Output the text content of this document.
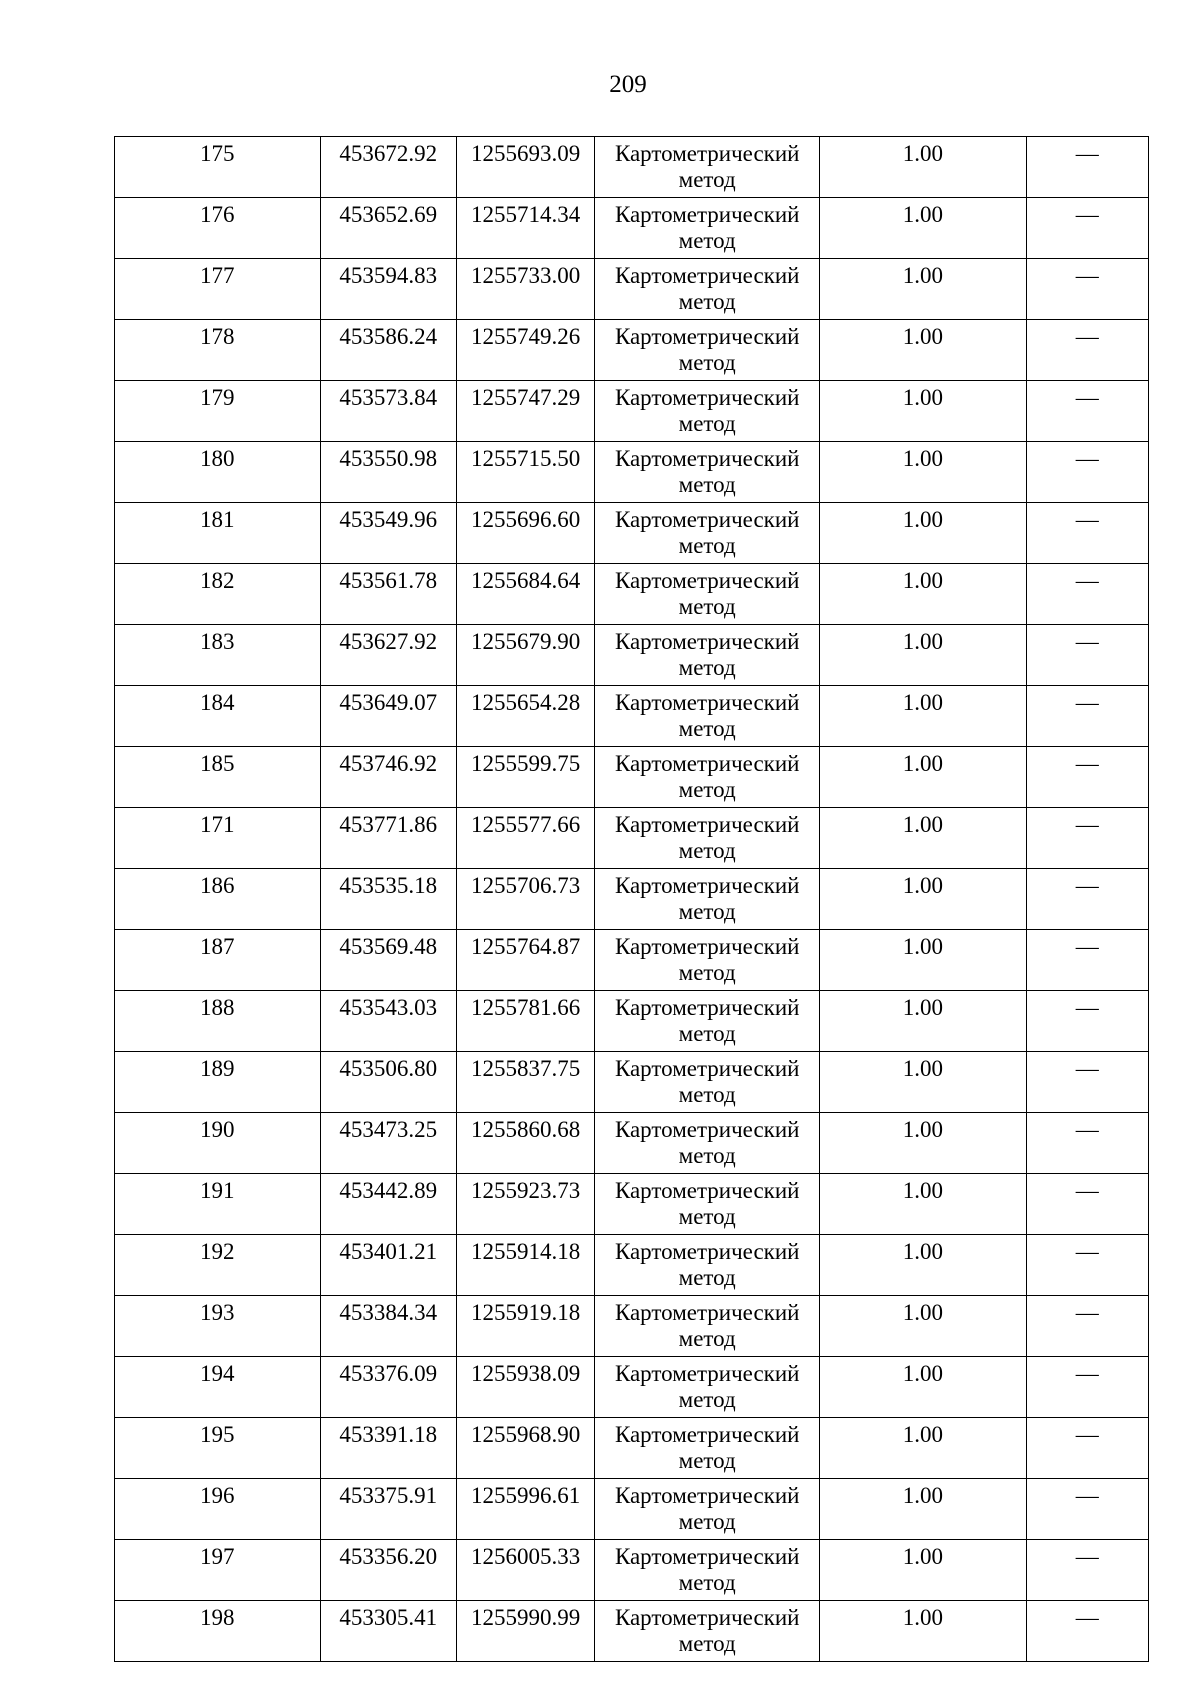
209
175	453672.92	1255693.09	Картометрический метод	1.00	—
176	453652.69	1255714.34	Картометрический метод	1.00	—
177	453594.83	1255733.00	Картометрический метод	1.00	—
178	453586.24	1255749.26	Картометрический метод	1.00	—
179	453573.84	1255747.29	Картометрический метод	1.00	—
180	453550.98	1255715.50	Картометрический метод	1.00	—
181	453549.96	1255696.60	Картометрический метод	1.00	—
182	453561.78	1255684.64	Картометрический метод	1.00	—
183	453627.92	1255679.90	Картометрический метод	1.00	—
184	453649.07	1255654.28	Картометрический метод	1.00	—
185	453746.92	1255599.75	Картометрический метод	1.00	—
171	453771.86	1255577.66	Картометрический метод	1.00	—
186	453535.18	1255706.73	Картометрический метод	1.00	—
187	453569.48	1255764.87	Картометрический метод	1.00	—
188	453543.03	1255781.66	Картометрический метод	1.00	—
189	453506.80	1255837.75	Картометрический метод	1.00	—
190	453473.25	1255860.68	Картометрический метод	1.00	—
191	453442.89	1255923.73	Картометрический метод	1.00	—
192	453401.21	1255914.18	Картометрический метод	1.00	—
193	453384.34	1255919.18	Картометрический метод	1.00	—
194	453376.09	1255938.09	Картометрический метод	1.00	—
195	453391.18	1255968.90	Картометрический метод	1.00	—
196	453375.91	1255996.61	Картометрический метод	1.00	—
197	453356.20	1256005.33	Картометрический метод	1.00	—
198	453305.41	1255990.99	Картометрический метод	1.00	—
